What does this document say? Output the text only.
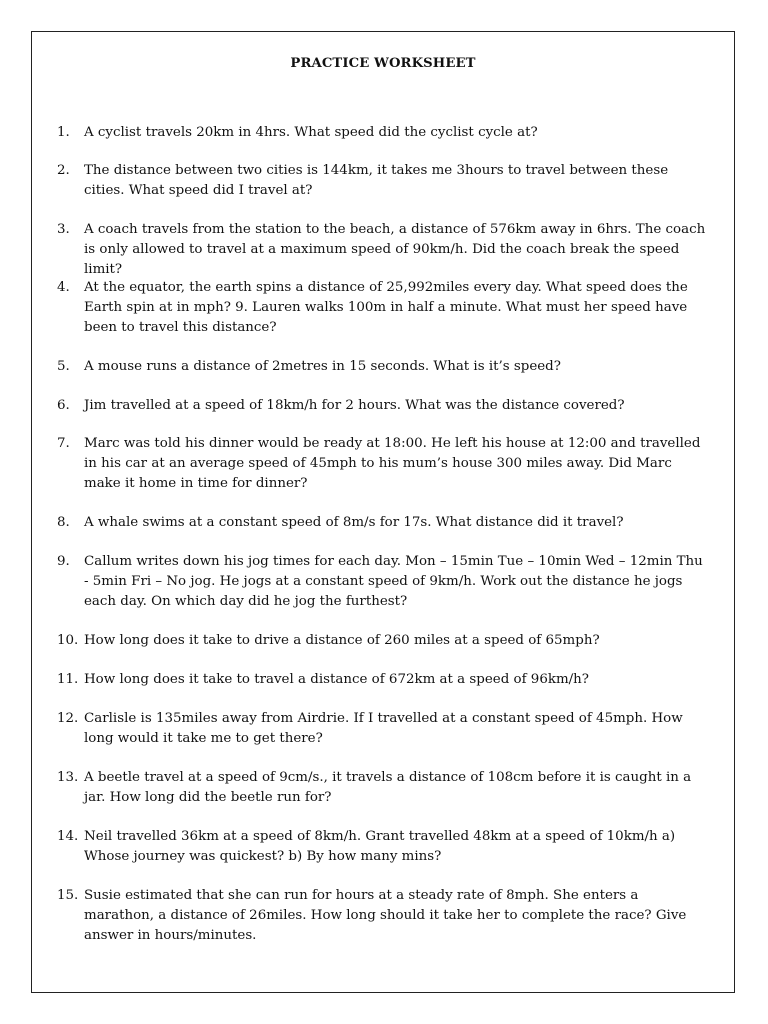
PRACTICE WORKSHEET
1.	A cyclist travels 20km in 4hrs. What speed did the cyclist cycle at?
2.	The distance between two cities is 144km, it takes me 3hours to travel between these cities. What speed did I travel at?
3.	A coach travels from the station to the beach, a distance of 576km away in 6hrs. The coach is only allowed to travel at a maximum speed of 90km/h. Did the coach break the speed limit?
4.	At the equator, the earth spins a distance of 25,992miles every day. What speed does the Earth spin at in mph? 9. Lauren walks 100m in half a minute. What must her speed have been to travel this distance?
5.	A mouse runs a distance of 2metres in 15 seconds. What is it’s speed?
6.	Jim travelled at a speed of 18km/h for 2 hours. What was the distance covered?
7.	Marc was told his dinner would be ready at 18:00. He left his house at 12:00 and travelled in his car at an average speed of 45mph to his mum’s house 300 miles away. Did Marc make it home in time for dinner?
8.	A whale swims at a constant speed of 8m/s for 17s. What distance did it travel?
9.	Callum writes down his jog times for each day. Mon – 15min Tue – 10min Wed – 12min Thu - 5min Fri – No jog. He jogs at a constant speed of 9km/h. Work out the distance he jogs each day. On which day did he jog the furthest?
10. How long does it take to drive a distance of 260 miles at a speed of 65mph?
11. How long does it take to travel a distance of 672km at a speed of 96km/h?
12. Carlisle is 135miles away from Airdrie. If I travelled at a constant speed of 45mph. How long would it take me to get there?
13. A beetle travel at a speed of 9cm/s., it travels a distance of 108cm before it is caught in a jar. How long did the beetle run for?
14. Neil travelled 36km at a speed of 8km/h. Grant travelled 48km at a speed of 10km/h a) Whose journey was quickest? b) By how many mins?
15. Susie estimated that she can run for hours at a steady rate of 8mph. She enters a marathon, a distance of 26miles. How long should it take her to complete the race? Give answer in hours/minutes.
